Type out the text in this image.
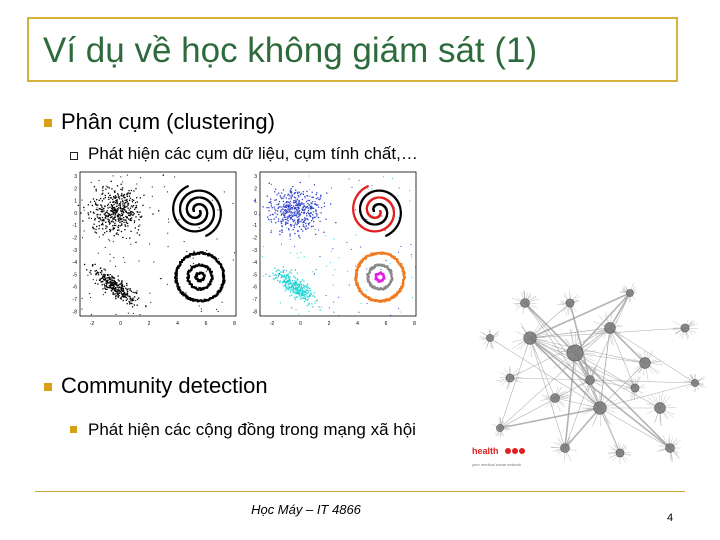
Ví dụ về học không giám sát (1)
Phân cụm (clustering)
Phát hiện các cụm dữ liệu, cụm tính chất,…
-2	0	2	4	6	8
3
2
1
0
-1
-2
-3
-4
-5
-6
-7
-8
-2	0	2	4	6	8
3
2
1
0
-1
-2
-3
-4
-5
-6
-7
-8
Community detection
Phát hiện các cộng đồng trong mạng xã hội
health
your medical social network
Học Máy – IT 4866
4
